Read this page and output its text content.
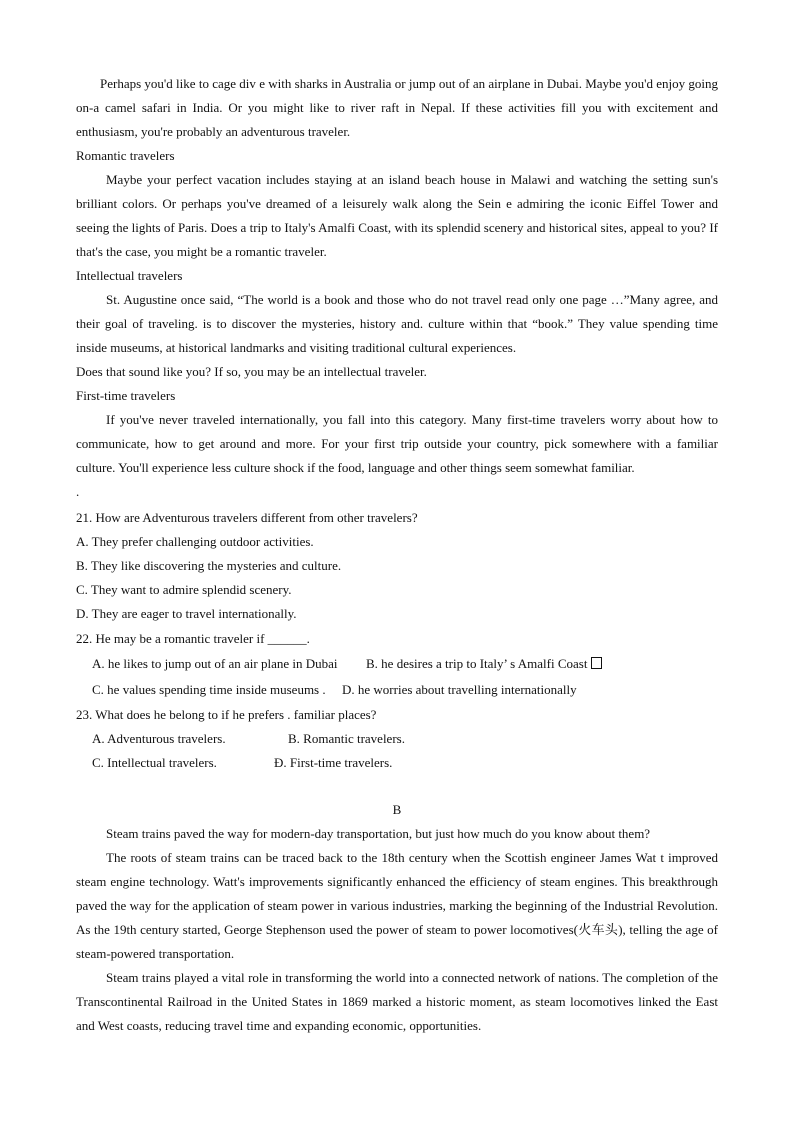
Perhaps you'd like to cage div e with sharks in Australia or jump out of an airplane in Dubai. Maybe you'd enjoy going on-a camel safari in India. Or you might like to river raft in Nepal. If these activities fill you with excitement and enthusiasm, you're probably an adventurous traveler.

Romantic travelers

Maybe your perfect vacation includes staying at an island beach house in Malawi and watching the setting sun's brilliant colors. Or perhaps you've dreamed of a leisurely walk along the Sein e admiring the iconic Eiffel Tower and seeing the lights of Paris. Does a trip to Italy's Amalfi Coast, with its splendid scenery and historical sites, appeal to you? If that's the case, you might be a romantic traveler.

Intellectual travelers

St. Augustine once said, “The world is a book and those who do not travel read only one page …”Many agree, and their goal of traveling. is to discover the mysteries, history and. culture within that “book.” They value spending time inside museums, at historical landmarks and visiting traditional cultural experiences.

Does that sound like you? If so, you may be an intellectual traveler.

First-time travelers

If you've never traveled internationally, you fall into this category. Many first-time travelers worry about how to communicate, how to get around and more. For your first trip outside your country, pick somewhere with a familiar culture. You'll experience less culture shock if the food, language and other things seem somewhat familiar.

.

21. How are Adventurous travelers different from other travelers?

A. They prefer challenging outdoor activities.

B. They like discovering the mysteries and culture.

C. They want to admire splendid scenery.

D. They are eager to travel internationally.

22. He may be a romantic traveler if ______.

A. he likes to jump out of an air plane in Dubai	B. he desires a trip to Italy’ s Amalfi Coast

C. he values spending time inside museums .	D. he worries about travelling internationally

23. What does he belong to if he prefers . familiar places?

A. Adventurous travelers.	B. Romantic travelers.

C. Intellectual travelers.	Đ. First-time travelers.

B

Steam trains paved the way for modern-day transportation, but just how much do you know about them?

The roots of steam trains can be traced back to the 18th century when the Scottish engineer James Wat t improved steam engine technology. Watt's improvements significantly enhanced the efficiency of steam engines. This breakthrough paved the way for the application of steam power in various industries, marking the beginning of the Industrial Revolution. As the 19th century started, George Stephenson used the power of steam to power locomotives(火车头), telling the age of steam-powered transportation.

Steam trains played a vital role in transforming the world into a connected network of nations. The completion of the Transcontinental Railroad in the United States in 1869 marked a historic moment, as steam locomotives linked the East and West coasts, reducing travel time and expanding economic, opportunities.
